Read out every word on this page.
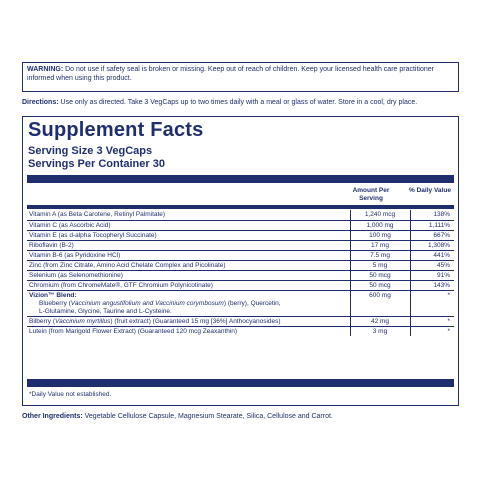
WARNING: Do not use if safety seal is broken or missing. Keep out of reach of children. Keep your licensed health care practitioner informed when using this product.
Directions: Use only as directed. Take 3 VegCaps up to two times daily with a meal or glass of water. Store in a cool, dry place.
Supplement Facts
Serving Size 3 VegCaps
Servings Per Container 30
Amount Per Serving
% Daily Value
Vitamin A (as Beta Carotene, Retinyl Palmitate)	1,240 mcg	138%
Vitamin C (as Ascorbic Acid)	1,000 mg	1,111%
Vitamin E (as d-alpha Tocopheryl Succinate)	100 mg	667%
Riboflavin (B-2)	17 mg	1,308%
Vitamin B-6 (as Pyridoxine HCl)	7.5 mg	441%
Zinc (from Zinc Citrate, Amino Acid Chelate Complex and Picolinate)	5 mg	45%
Selenium (as Selenomethionine)	50 mcg	91%
Chromium (from ChromeMate®, GTF Chromium Polynicotinate)	50 mcg	143%
Vizion™ Blend:
Blueberry (Vaccinium angustifolium and Vaccinium corymbosum) (berry), Quercetin,
L-Glutamine, Glycine, Taurine and L-Cysteine.	600 mg	*
Bilberry (Vaccinium myrtillus) (fruit extract) (Guaranteed 15 mg [36%] Anthocyanosides)	42 mg	*
Lutein (from Marigold Flower Extract) (Guaranteed 120 mcg Zeaxanthin)	3 mg	*
*Daily Value not established.
Other Ingredients: Vegetable Cellulose Capsule, Magnesium Stearate, Silica, Cellulose and Carrot.
